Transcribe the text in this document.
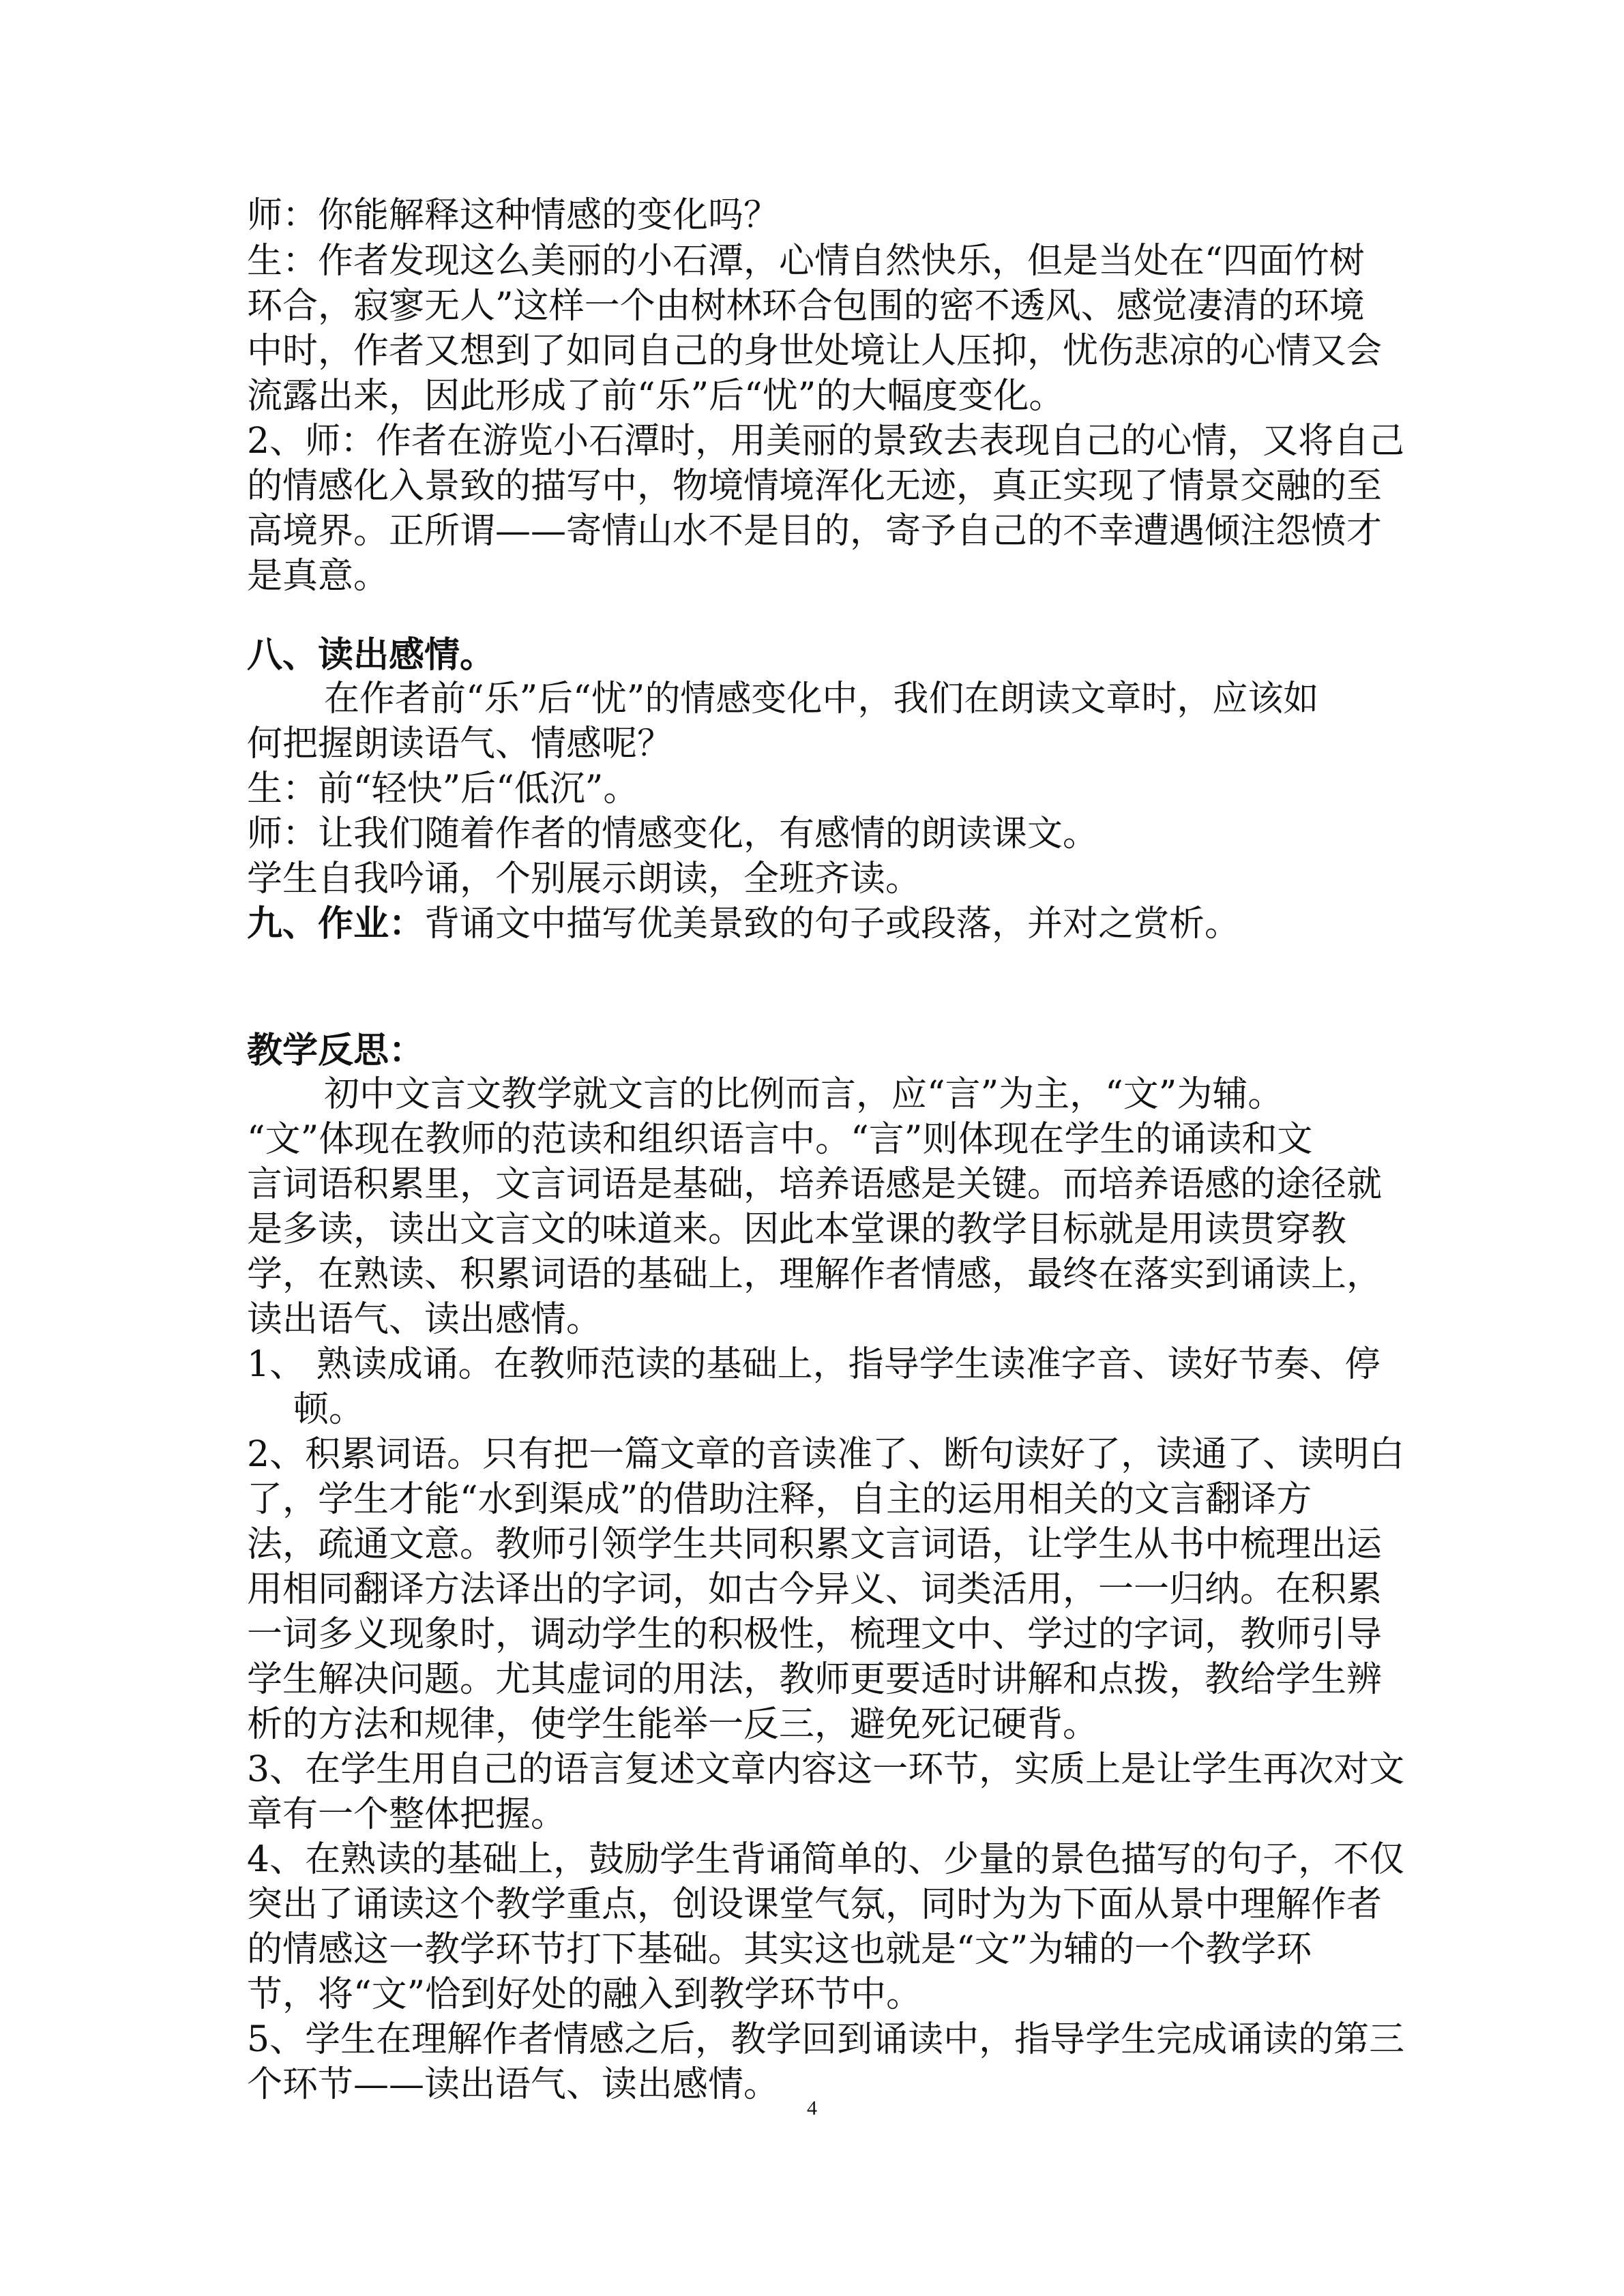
师：你能解释这种情感的变化吗？

生：作者发现这么美丽的小石潭，心情自然快乐，但是当处在“四面竹树

环合，寂寥无人”这样一个由树林环合包围的密不透风、感觉凄清的环境

中时，作者又想到了如同自己的身世处境让人压抑，忧伤悲凉的心情又会

流露出来，因此形成了前“乐”后“忧”的大幅度变化。

2、师：作者在游览小石潭时，用美丽的景致去表现自己的心情，又将自己

的情感化入景致的描写中，物境情境浑化无迹，真正实现了情景交融的至

高境界。正所谓——寄情山水不是目的，寄予自己的不幸遭遇倾注怨愤才

是真意。

八、读出感情。

在作者前“乐”后“忧”的情感变化中，我们在朗读文章时，应该如

何把握朗读语气、情感呢？

生：前“轻快”后“低沉”。

师：让我们随着作者的情感变化，有感情的朗读课文。

学生自我吟诵，个别展示朗读，全班齐读。

九、作业：背诵文中描写优美景致的句子或段落，并对之赏析。

教学反思：

初中文言文教学就文言的比例而言，应“言”为主，“文”为辅。

“文”体现在教师的范读和组织语言中。“言”则体现在学生的诵读和文

言词语积累里，文言词语是基础，培养语感是关键。而培养语感的途径就

是多读，读出文言文的味道来。因此本堂课的教学目标就是用读贯穿教

学，在熟读、积累词语的基础上，理解作者情感，最终在落实到诵读上，

读出语气、读出感情。

1、 熟读成诵。在教师范读的基础上，指导学生读准字音、读好节奏、停

顿。

2、积累词语。只有把一篇文章的音读准了、断句读好了，读通了、读明白

了，学生才能“水到渠成”的借助注释，自主的运用相关的文言翻译方

法，疏通文意。教师引领学生共同积累文言词语，让学生从书中梳理出运

用相同翻译方法译出的字词，如古今异义、词类活用，一一归纳。在积累

一词多义现象时，调动学生的积极性，梳理文中、学过的字词，教师引导

学生解决问题。尤其虚词的用法，教师更要适时讲解和点拨，教给学生辨

析的方法和规律，使学生能举一反三，避免死记硬背。

3、在学生用自己的语言复述文章内容这一环节，实质上是让学生再次对文

章有一个整体把握。

4、在熟读的基础上，鼓励学生背诵简单的、少量的景色描写的句子，不仅

突出了诵读这个教学重点，创设课堂气氛，同时为为下面从景中理解作者

的情感这一教学环节打下基础。其实这也就是“文”为辅的一个教学环

节，将“文”恰到好处的融入到教学环节中。

5、学生在理解作者情感之后，教学回到诵读中，指导学生完成诵读的第三

个环节——读出语气、读出感情。

4
